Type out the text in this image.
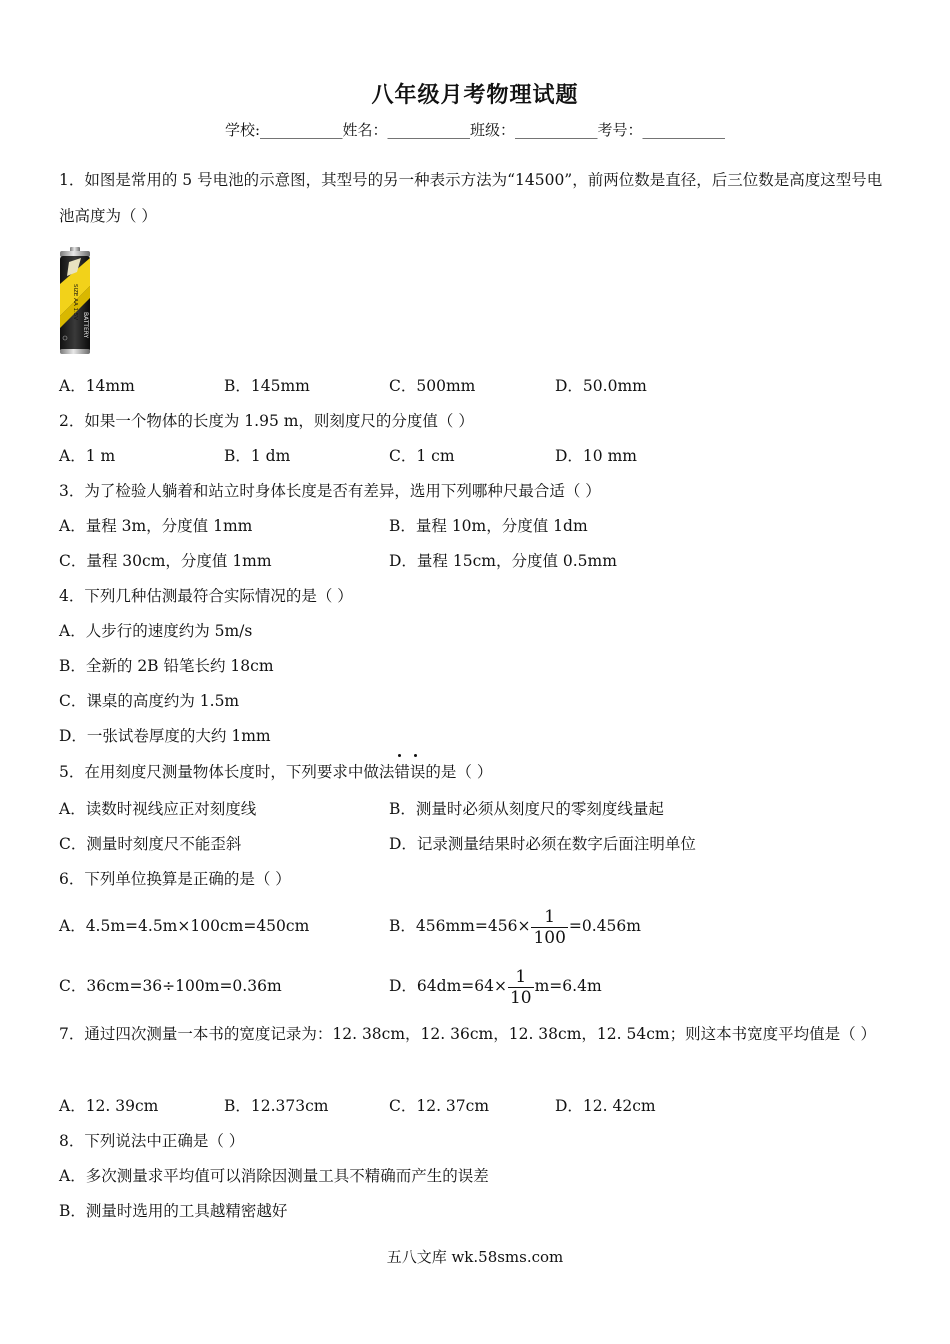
八年级月考物理试题
学校:___________姓名：___________班级：___________考号：___________
1．如图是常用的 5 号电池的示意图，其型号的另一种表示方法为“14500”，前两位数是直径，后三位数是高度这型号电池高度为（ ）
SIZE AA 1.5V
BATTERY
A．14mm	B．145mm	C．500mm	D．50.0mm
2．如果一个物体的长度为 1.95 m，则刻度尺的分度值（ ）
A．1 m	B．1 dm	C．1 cm	D．10 mm
3．为了检验人躺着和站立时身体长度是否有差异，选用下列哪种尺最合适（ ）
A．量程 3m，分度值 1mm	B．量程 10m，分度值 1dm
C．量程 30cm，分度值 1mm	D．量程 15cm，分度值 0.5mm
4．下列几种估测最符合实际情况的是（ ）
A．人步行的速度约为 5m/s
B．全新的 2B 铅笔长约 18cm
C．课桌的高度约为 1.5m
D．一张试卷厚度的大约 1mm
5．在用刻度尺测量物体长度时，下列要求中做法错误的是（ ）
A．读数时视线应正对刻度线	B．测量时必须从刻度尺的零刻度线量起
C．测量时刻度尺不能歪斜	D．记录测量结果时必须在数字后面注明单位
6．下列单位换算是正确的是（ ）
A．4.5m=4.5m×100cm=450cm	B．$456mm=456\times \frac{1}{100} =0.456m$
C．36cm=36÷100m=0.36m	D．$64dm=64\times \frac{1}{10} m=6.4m$
7．通过四次测量一本书的宽度记录为：12. 38cm，12. 36cm，12. 38cm，12. 54cm；则这本书宽度平均值是（ ）
A．12. 39cm	B．12.373cm	C．12. 37cm	D．12. 42cm
8．下列说法中正确是（ ）
A．多次测量求平均值可以消除因测量工具不精确而产生的误差
B．测量时选用的工具越精密越好
五八文库 wk.58sms.com
